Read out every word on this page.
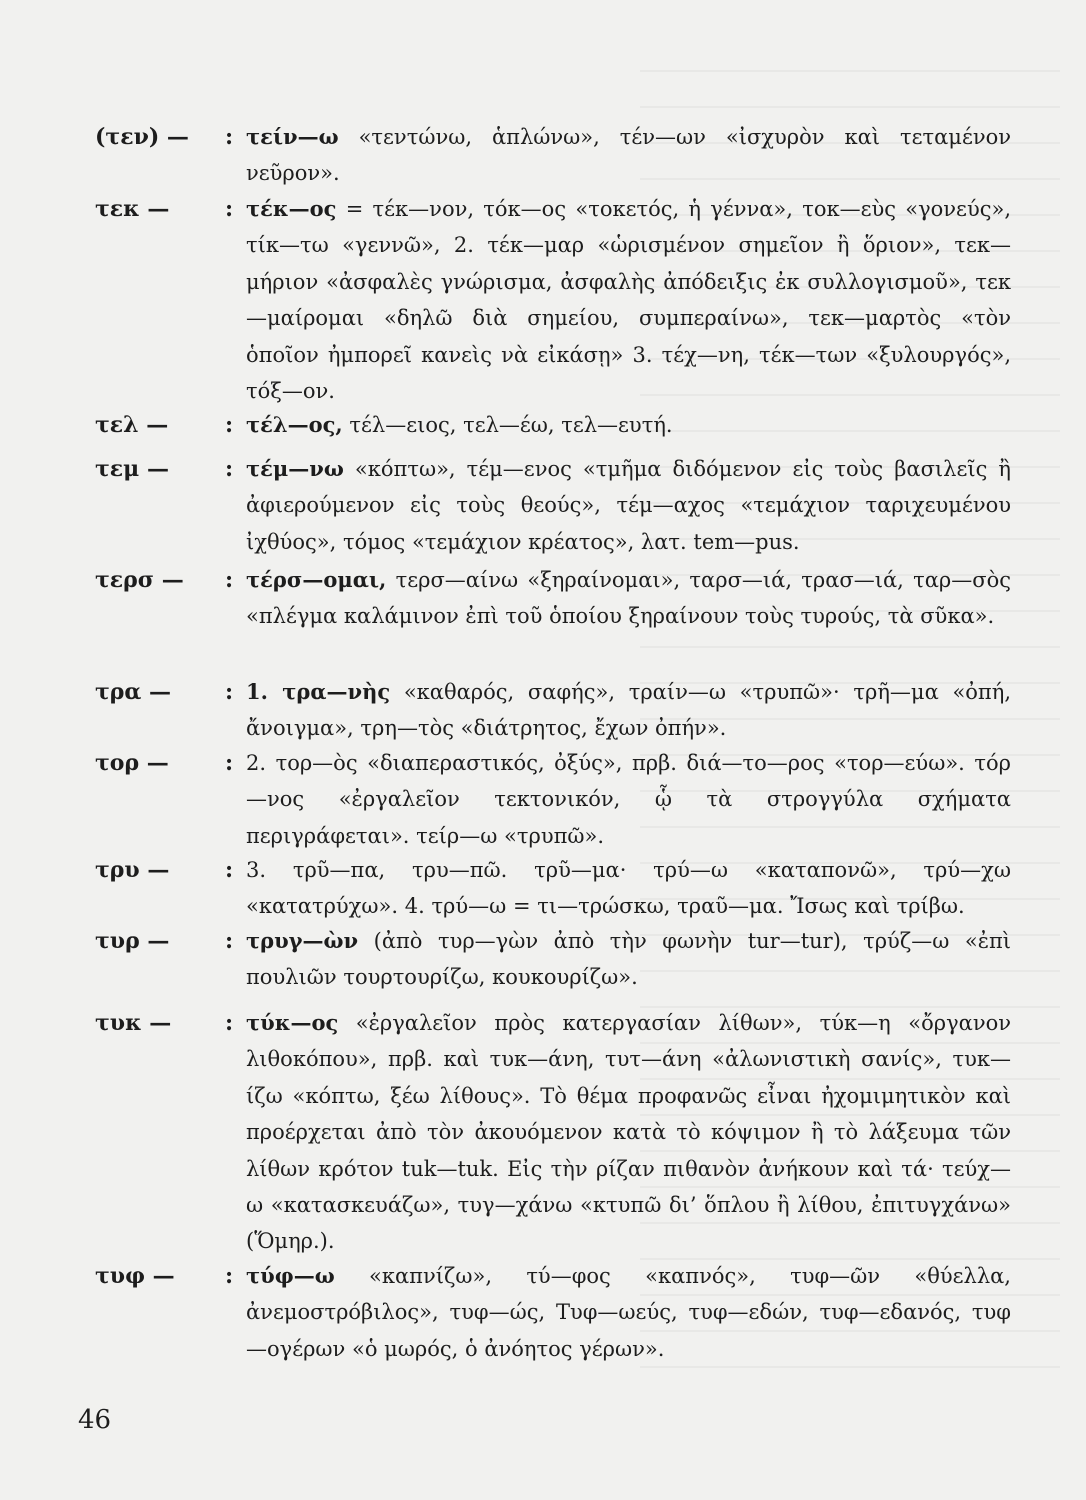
(τεν) — : τείν—ω «τεντώνω, ἁπλώνω», τέν—ων «ἰσχυρὸν καὶ τεταμένον νεῦρον».

τεκ —	: τέκ—ος = τέκ—νον, τόκ—ος «τοκετός, ἡ γέννα», τοκ—εὺς «γονεύς», τίκ—τω «γεννῶ», 2. τέκ—μαρ «ὡρισμένον σημεῖον ἢ ὅριον», τεκ—μήριον «ἀσφαλὲς γνώρισμα, ἀσφαλὴς ἀπόδειξις ἐκ συλλογισμοῦ», τεκ—μαίρομαι «δηλῶ διὰ σημείου, συμπεραίνω», τεκ—μαρτὸς «τὸν ὁποῖον ἠμπορεῖ κανεὶς νὰ εἰκάσῃ» 3. τέχ—νη, τέκ—των «ξυλουργός», τόξ—ον.

τελ —	: τέλ—ος, τέλ—ειος, τελ—έω, τελ—ευτή.

τεμ —	: τέμ—νω «κόπτω», τέμ—ενος «τμῆμα διδόμενον εἰς τοὺς βασιλεῖς ἢ ἀφιερούμενον εἰς τοὺς θεούς», τέμ—αχος «τεμάχιον ταριχευμένου ἰχθύος», τόμος «τεμάχιον κρέατος», λατ. tem—pus.

τερσ — : τέρσ—ομαι, τερσ—αίνω «ξηραίνομαι», ταρσ—ιά, τρασ—ιά, ταρ—σὸς «πλέγμα καλάμινον ἐπὶ τοῦ ὁποίου ξηραίνουν τοὺς τυρούς, τὰ σῦκα».

τρα — : 1. τρα—νὴς «καθαρός, σαφής», τραίν—ω «τρυπῶ»· τρῆ—μα «ὀπή, ἄνοιγμα», τρη—τὸς «διάτρητος, ἔχων ὀπήν».

τορ —	: 2. τορ—ὸς «διαπεραστικός, ὀξύς», πρβ. διά—το—ρος «τορ—εύω». τόρ—νος «ἐργαλεῖον τεκτονικόν, ᾧ τὰ στρογγύλα σχήματα περιγράφεται». τείρ—ω «τρυπῶ».

τρυ —	: 3. τρῦ—πα, τρυ—πῶ. τρῦ—μα· τρύ—ω «καταπονῶ», τρύ—χω «κατατρύχω». 4. τρύ—ω = τι—τρώσκω, τραῦ—μα. Ἴσως καὶ τρίβω.

τυρ —	: τρυγ—ὼν (ἀπὸ τυρ—γὼν ἀπὸ τὴν φωνὴν tur—tur), τρύζ—ω «ἐπὶ πουλιῶν τουρτουρίζω, κουκουρίζω».

τυκ — : τύκ—ος «ἐργαλεῖον πρὸς κατεργασίαν λίθων», τύκ—η «ὄργανον λιθοκόπου», πρβ. καὶ τυκ—άνη, τυτ—άνη «ἀλωνιστικὴ σανίς», τυκ—ίζω «κόπτω, ξέω λίθους». Τὸ θέμα προφανῶς εἶναι ἠχομιμητικὸν καὶ προέρχεται ἀπὸ τὸν ἀκουόμενον κατὰ τὸ κόψιμον ἢ τὸ λάξευμα τῶν λίθων κρότον tuk—tuk. Εἰς τὴν ρίζαν πιθανὸν ἀνήκουν καὶ τά· τεύχ—ω «κατασκευάζω», τυγ—χάνω «κτυπῶ δι’ ὅπλου ἢ λίθου, ἐπιτυγχάνω» (Ὅμηρ.).

τυφ — : τύφ—ω «καπνίζω», τύ—φος «καπνός», τυφ—ῶν «θύελλα, ἀνεμοστρόβιλος», τυφ—ώς, Τυφ—ωεύς, τυφ—εδών, τυφ—εδανός, τυφ—ογέρων «ὁ μωρός, ὁ ἀνόητος γέρων».

46
